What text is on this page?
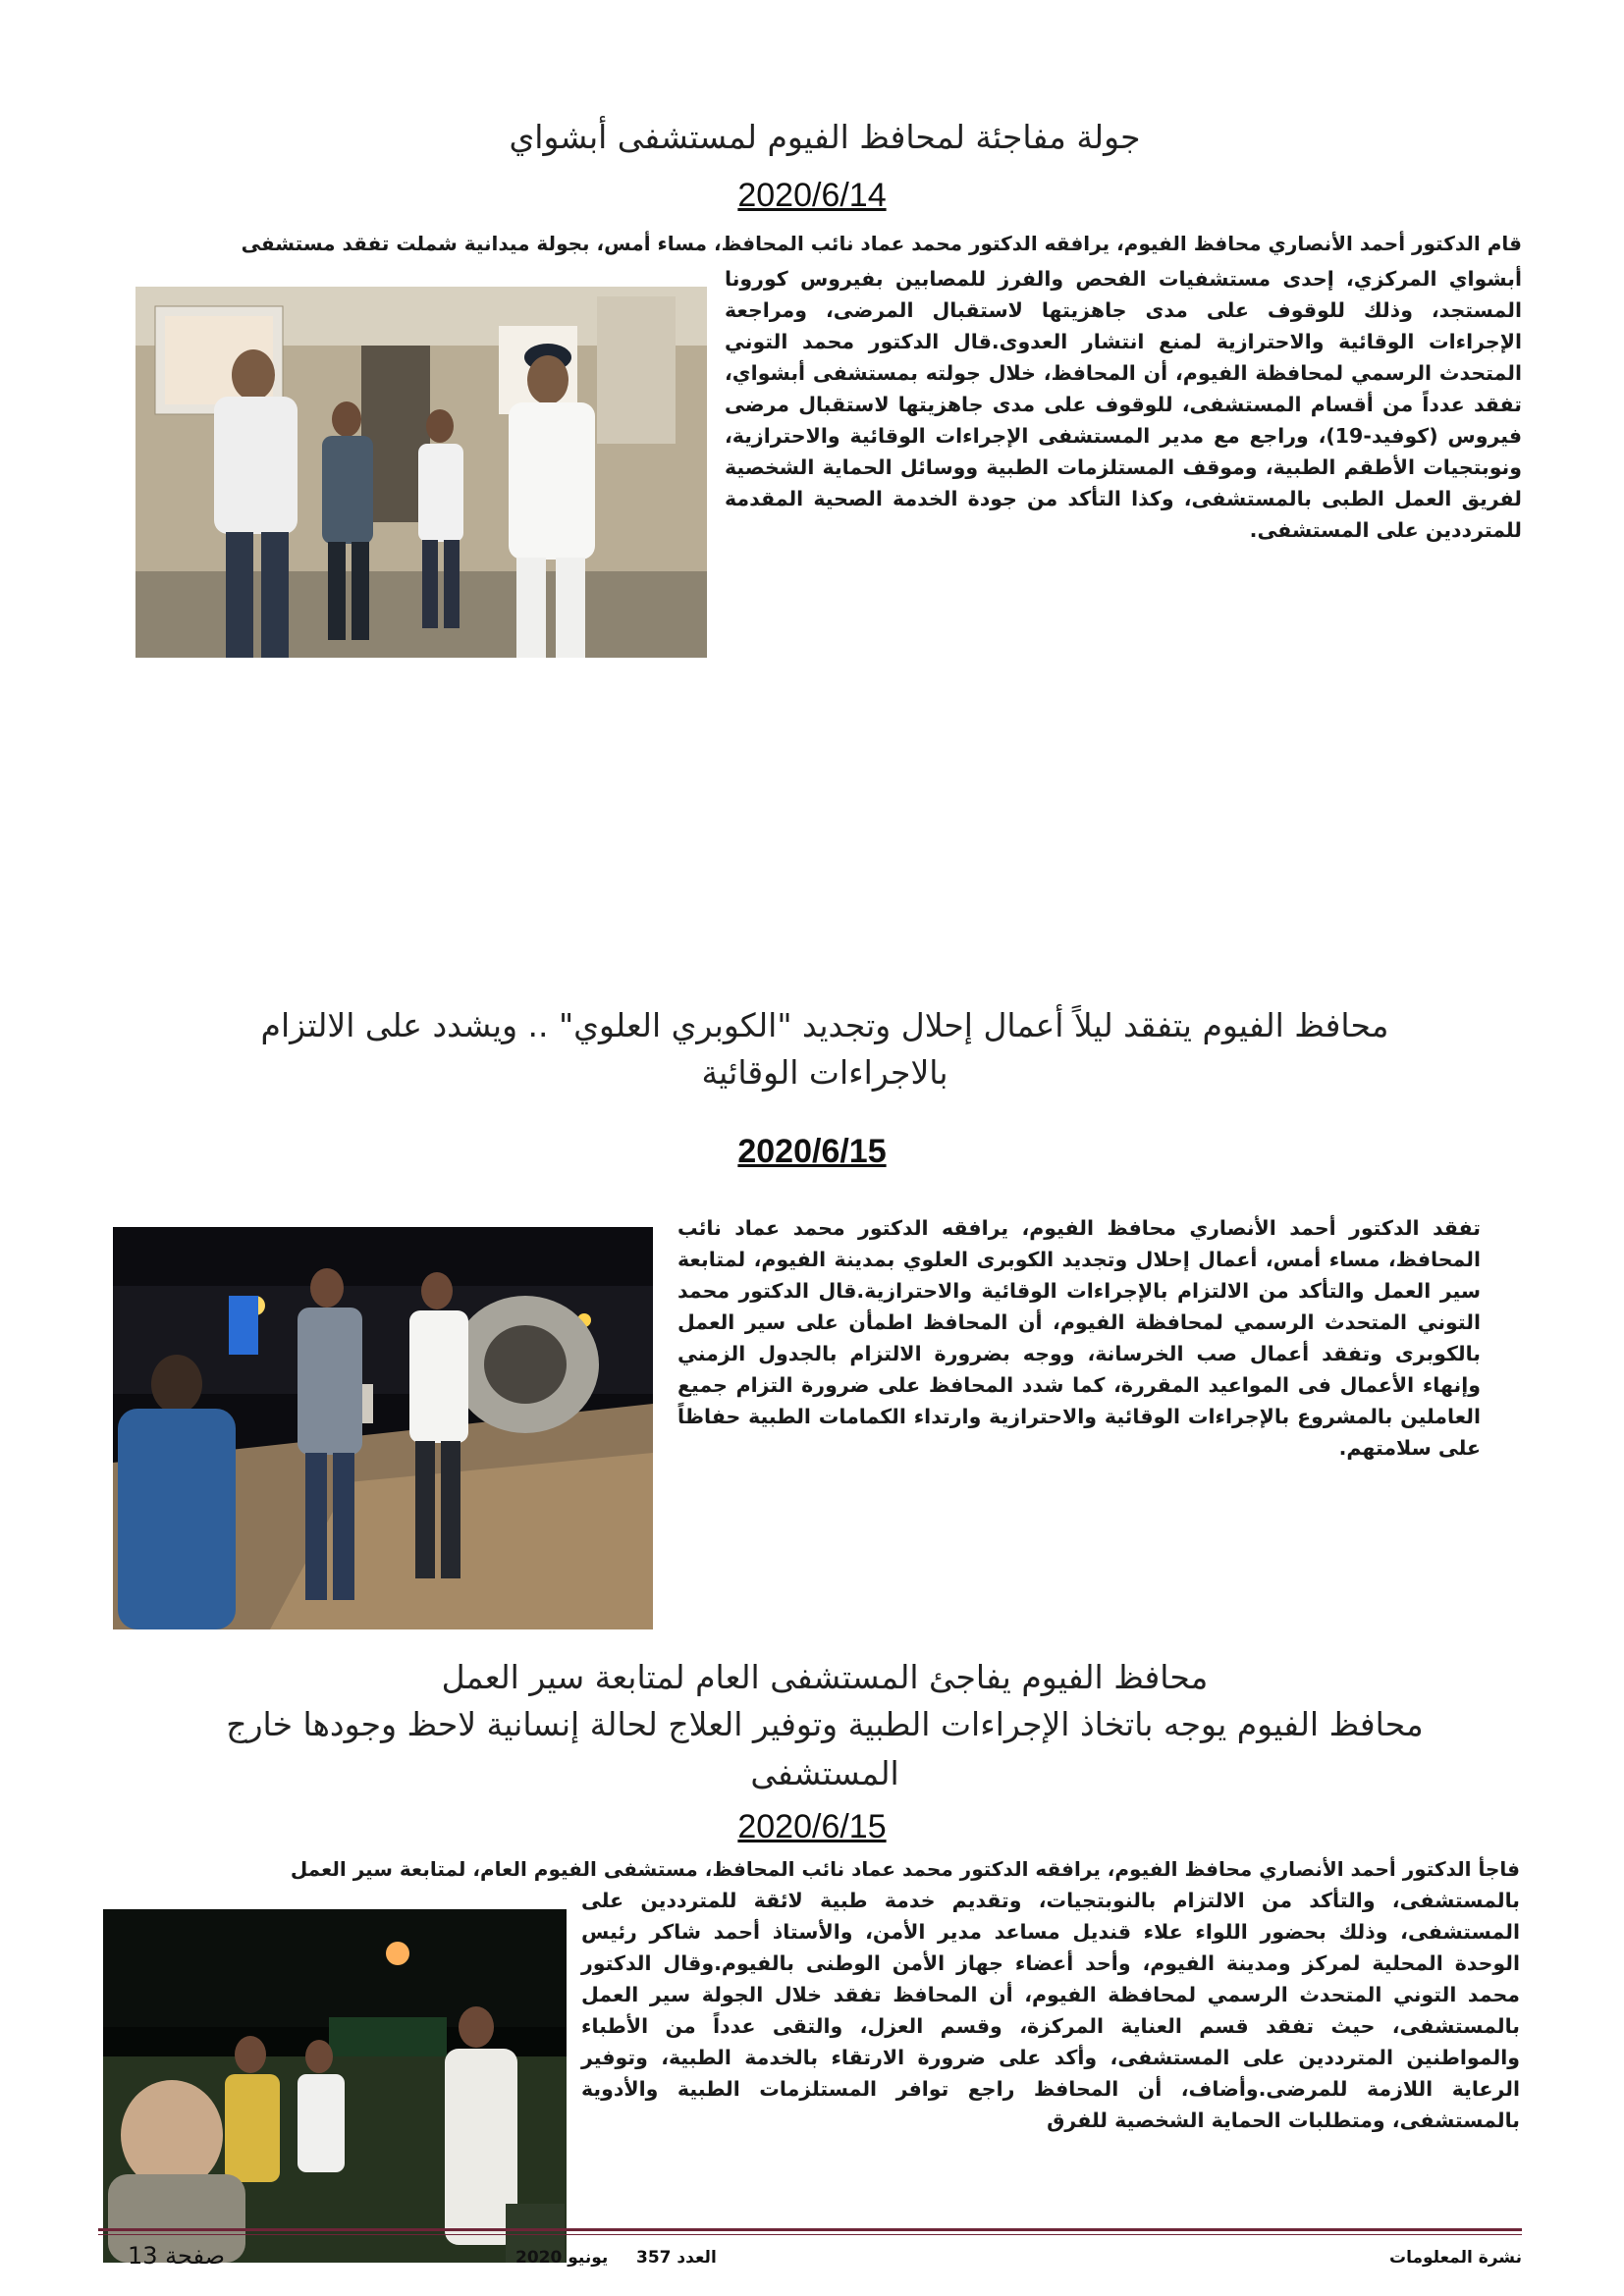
جولة مفاجئة لمحافظ الفيوم لمستشفى أبشواي
2020/6/14
قام الدكتور أحمد الأنصاري محافظ الفيوم، يرافقه الدكتور محمد عماد نائب المحافظ، مساء أمس، بجولة ميدانية شملت تفقد مستشفى
أبشواي المركزي، إحدى مستشفيات الفحص والفرز للمصابين بفيروس كورونا المستجد، وذلك للوقوف على مدى جاهزيتها لاستقبال المرضى، ومراجعة الإجراءات الوقائية والاحترازية لمنع انتشار العدوى.قال الدكتور محمد التوني المتحدث الرسمي لمحافظة الفيوم، أن المحافظ، خلال جولته بمستشفى أبشواي، تفقد عدداً من أقسام المستشفى، للوقوف على مدى جاهزيتها لاستقبال مرضى فيروس (كوفيد-19)، وراجع مع مدير المستشفى الإجراءات الوقائية والاحترازية، ونوبتجيات الأطقم الطبية، وموقف المستلزمات الطبية ووسائل الحماية الشخصية لفريق العمل الطبى بالمستشفى، وكذا التأكد من جودة الخدمة الصحية المقدمة للمترددين على المستشفى.
محافظ الفيوم يتفقد ليلاً أعمال إحلال وتجديد "الكوبري العلوي" .. ويشدد على الالتزام
بالاجراءات الوقائية
2020/6/15
تفقد الدكتور أحمد الأنصاري محافظ الفيوم، يرافقه الدكتور محمد عماد نائب المحافظ، مساء أمس، أعمال إحلال وتجديد الكوبرى العلوي بمدينة الفيوم، لمتابعة سير العمل والتأكد من الالتزام بالإجراءات الوقائية والاحترازية.قال الدكتور محمد التوني المتحدث الرسمي لمحافظة الفيوم، أن المحافظ اطمأن على سير العمل بالكوبرى وتفقد أعمال صب الخرسانة، ووجه بضرورة الالتزام بالجدول الزمني وإنهاء الأعمال فى المواعيد المقررة، كما شدد المحافظ على ضرورة التزام جميع العاملين بالمشروع بالإجراءات الوقائية والاحترازية وارتداء الكمامات الطبية حفاظاً على سلامتهم.
محافظ الفيوم يفاجئ المستشفى العام لمتابعة سير العمل
محافظ الفيوم يوجه باتخاذ الإجراءات الطبية وتوفير العلاج لحالة إنسانية لاحظ وجودها خارج
المستشفى
2020/6/15
فاجأ الدكتور أحمد الأنصاري محافظ الفيوم، يرافقه الدكتور محمد عماد نائب المحافظ، مستشفى الفيوم العام، لمتابعة سير العمل
بالمستشفى، والتأكد من الالتزام بالنوبتجيات، وتقديم خدمة طبية لائقة للمترددين على المستشفى، وذلك بحضور اللواء علاء قنديل مساعد مدير الأمن، والأستاذ أحمد شاكر رئيس الوحدة المحلية لمركز ومدينة الفيوم، وأحد أعضاء جهاز الأمن الوطنى بالفيوم.وقال الدكتور محمد التوني المتحدث الرسمي لمحافظة الفيوم، أن المحافظ تفقد خلال الجولة سير العمل بالمستشفى، حيث تفقد قسم العناية المركزة، وقسم العزل، والتقى عدداً من الأطباء والمواطنين المترددين على المستشفى، وأكد على ضرورة الارتقاء بالخدمة الطبية، وتوفير الرعاية اللازمة للمرضى.وأضاف، أن المحافظ راجع توافر المستلزمات الطبية والأدوية بالمستشفى، ومتطلبات الحماية الشخصية للفرق
نشرة المعلومات
العدد 357
يونيو 2020
صفحة 13
